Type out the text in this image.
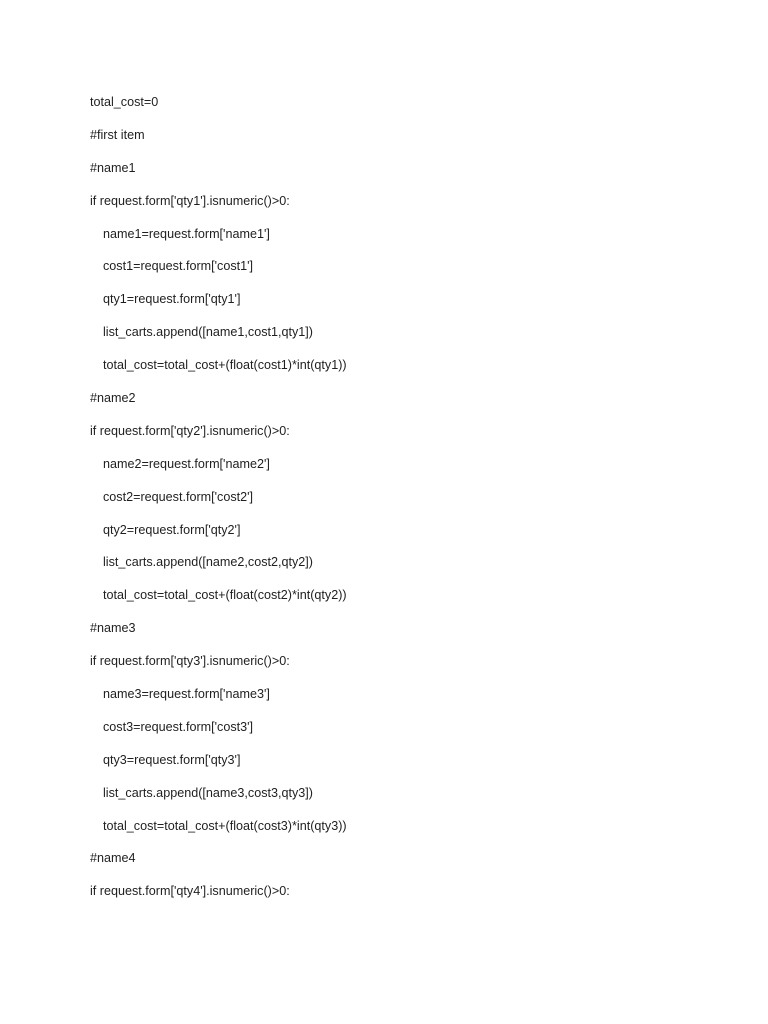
total_cost=0
#first item
#name1
if request.form['qty1'].isnumeric()>0:
name1=request.form['name1']
cost1=request.form['cost1']
qty1=request.form['qty1']
list_carts.append([name1,cost1,qty1])
total_cost=total_cost+(float(cost1)*int(qty1))
#name2
if request.form['qty2'].isnumeric()>0:
name2=request.form['name2']
cost2=request.form['cost2']
qty2=request.form['qty2']
list_carts.append([name2,cost2,qty2])
total_cost=total_cost+(float(cost2)*int(qty2))
#name3
if request.form['qty3'].isnumeric()>0:
name3=request.form['name3']
cost3=request.form['cost3']
qty3=request.form['qty3']
list_carts.append([name3,cost3,qty3])
total_cost=total_cost+(float(cost3)*int(qty3))
#name4
if request.form['qty4'].isnumeric()>0:
